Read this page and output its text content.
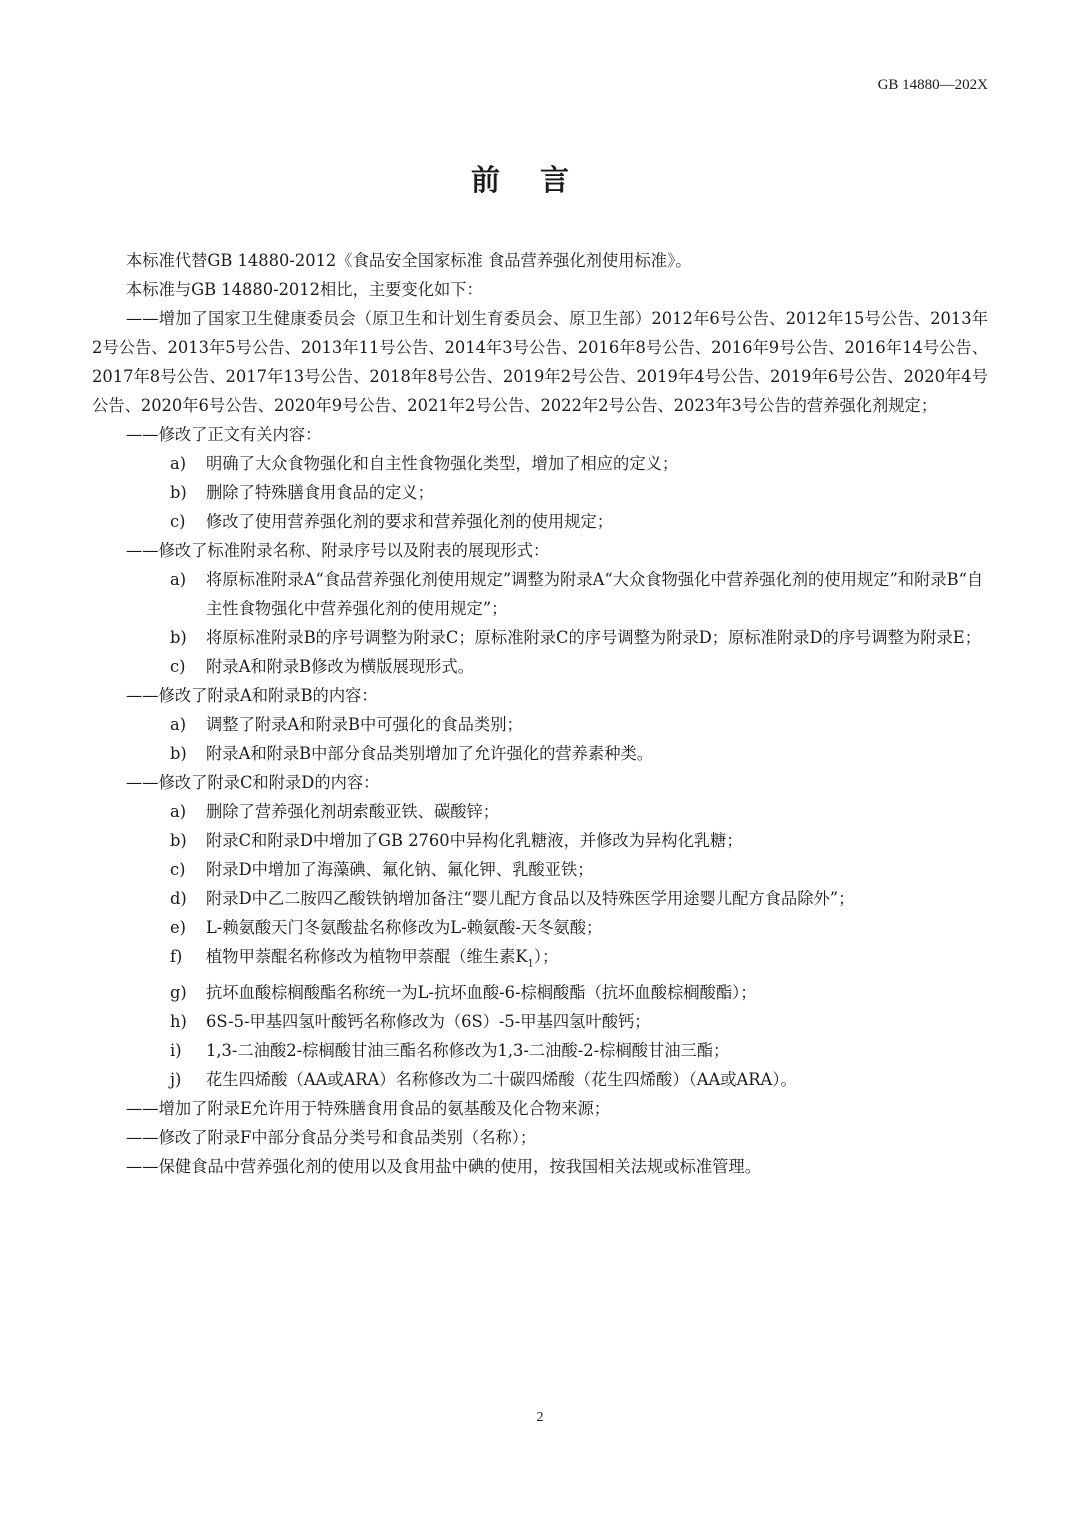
GB 14880—202X
前言
本标准代替GB 14880-2012《食品安全国家标准 食品营养强化剂使用标准》。
本标准与GB 14880-2012相比，主要变化如下：
——增加了国家卫生健康委员会（原卫生和计划生育委员会、原卫生部）2012年6号公告、2012年15号公告、2013年2号公告、2013年5号公告、2013年11号公告、2014年3号公告、2016年8号公告、2016年9号公告、2016年14号公告、2017年8号公告、2017年13号公告、2018年8号公告、2019年2号公告、2019年4号公告、2019年6号公告、2020年4号公告、2020年6号公告、2020年9号公告、2021年2号公告、2022年2号公告、2023年3号公告的营养强化剂规定；
——修改了正文有关内容：
a) 明确了大众食物强化和自主性食物强化类型，增加了相应的定义；
b) 删除了特殊膳食用食品的定义；
c) 修改了使用营养强化剂的要求和营养强化剂的使用规定；
——修改了标准附录名称、附录序号以及附表的展现形式：
a) 将原标准附录A“食品营养强化剂使用规定”调整为附录A“大众食物强化中营养强化剂的使用规定”和附录B“自主性食物强化中营养强化剂的使用规定”；
b) 将原标准附录B的序号调整为附录C；原标准附录C的序号调整为附录D；原标准附录D的序号调整为附录E；
c) 附录A和附录B修改为横版展现形式。
——修改了附录A和附录B的内容：
a) 调整了附录A和附录B中可强化的食品类别；
b) 附录A和附录B中部分食品类别增加了允许强化的营养素种类。
——修改了附录C和附录D的内容：
a) 删除了营养强化剂胡索酸亚铁、碳酸锌；
b) 附录C和附录D中增加了GB 2760中异构化乳糖液，并修改为异构化乳糖；
c) 附录D中增加了海藻碘、氟化钠、氟化钾、乳酸亚铁；
d) 附录D中乙二胺四乙酸铁钠增加备注“婴儿配方食品以及特殊医学用途婴儿配方食品除外”；
e) L-赖氨酸天门冬氨酸盐名称修改为L-赖氨酸-天冬氨酸；
f) 植物甲萘醌名称修改为植物甲萘醌（维生素$K_1$）；
g) 抗坏血酸棕榈酸酯名称统一为L-抗坏血酸-6-棕榈酸酯（抗坏血酸棕榈酸酯）；
h) 6S-5-甲基四氢叶酸钙名称修改为（6S）-5-甲基四氢叶酸钙；
i) 1,3-二油酸2-棕榈酸甘油三酯名称修改为1,3-二油酸-2-棕榈酸甘油三酯；
j) 花生四烯酸（AA或ARA）名称修改为二十碳四烯酸（花生四烯酸）（AA或ARA）。
——增加了附录E允许用于特殊膳食用食品的氨基酸及化合物来源；
——修改了附录F中部分食品分类号和食品类别（名称）；
——保健食品中营养强化剂的使用以及食用盐中碘的使用，按我国相关法规或标准管理。
2
